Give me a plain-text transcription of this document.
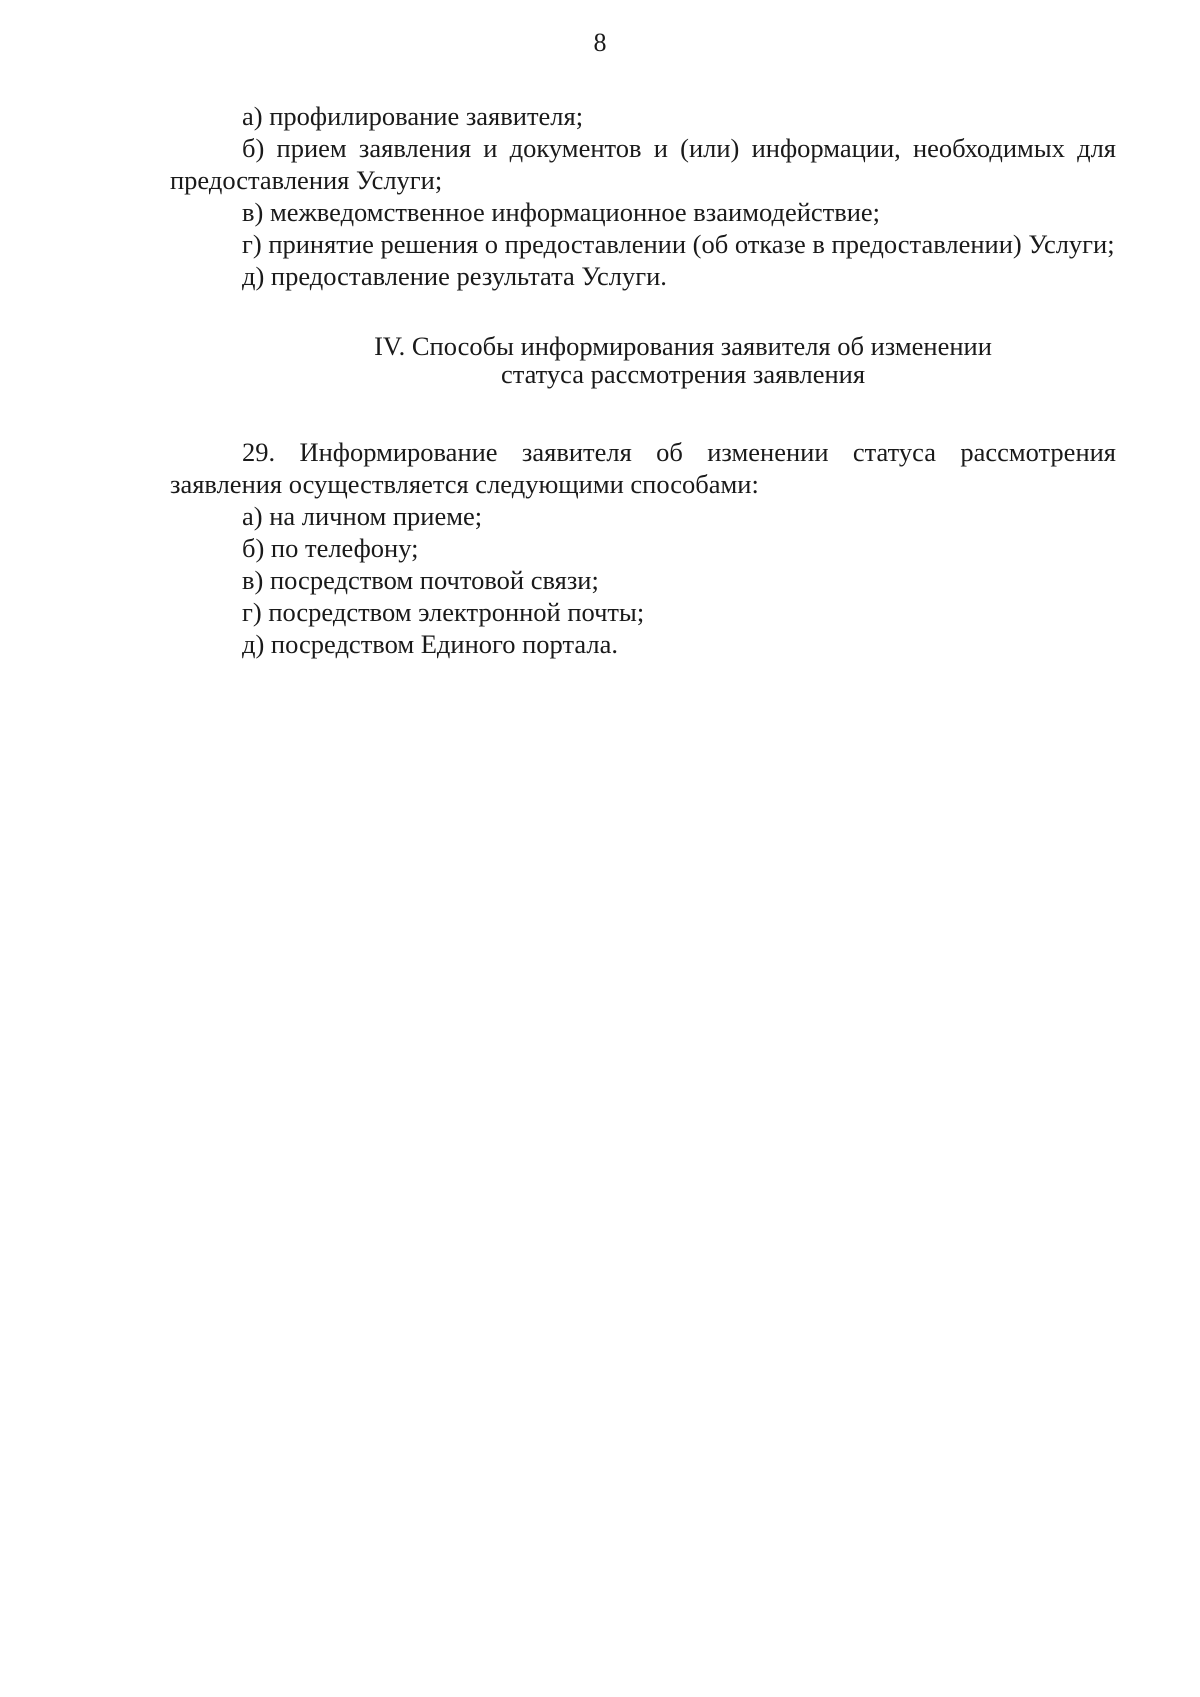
8

а) профилирование заявителя;

б) прием заявления и документов и (или) информации, необходимых для предоставления Услуги;

в) межведомственное информационное взаимодействие;

г) принятие решения о предоставлении (об отказе в предоставлении) Услуги;

д) предоставление результата Услуги.

IV. Способы информирования заявителя об изменении
статуса рассмотрения заявления

29. Информирование заявителя об изменении статуса рассмотрения заявления осуществляется следующими способами:

а) на личном приеме;

б) по телефону;

в) посредством почтовой связи;

г) посредством электронной почты;

д) посредством Единого портала.
